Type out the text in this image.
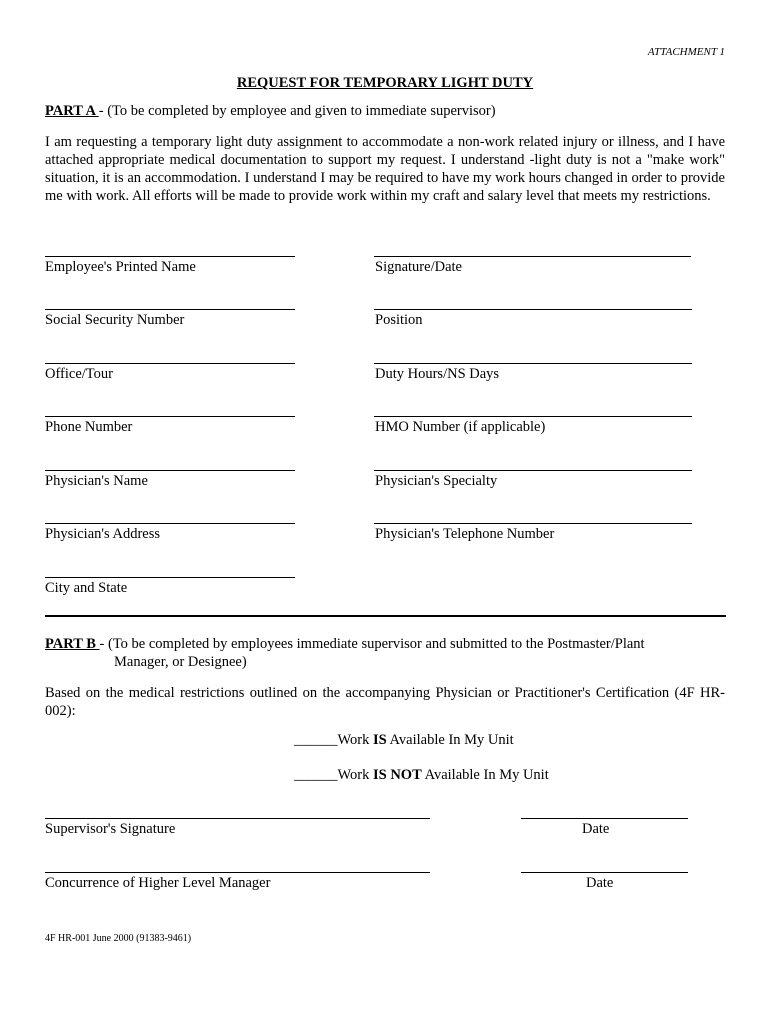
ATTACHMENT 1
REQUEST FOR TEMPORARY LIGHT DUTY
PART A - (To be completed by employee and given to immediate supervisor)
I am requesting a temporary light duty assignment to accommodate a non-work related injury or illness, and I have attached appropriate medical documentation to support my request. I understand -light duty is not a "make work" situation, it is an accommodation. I understand I may be required to have my work hours changed in order to provide me with work. All efforts will be made to provide work within my craft and salary level that meets my restrictions.
Employee's Printed Name	Signature/Date
Social Security Number	Position
Office/Tour	Duty Hours/NS Days
Phone Number	HMO Number (if applicable)
Physician's Name	Physician's Specialty
Physician's Address	Physician's Telephone Number
City and State
PART B - (To be completed by employees immediate supervisor and submitted to the Postmaster/Plant
Manager, or Designee)
Based on the medical restrictions outlined on the accompanying Physician or Practitioner's Certification (4F HR-002):
______Work IS Available In My Unit
______Work IS NOT Available In My Unit
Supervisor's Signature	Date
Concurrence of Higher Level Manager	Date
4F HR-001 June 2000 (91383-9461)
